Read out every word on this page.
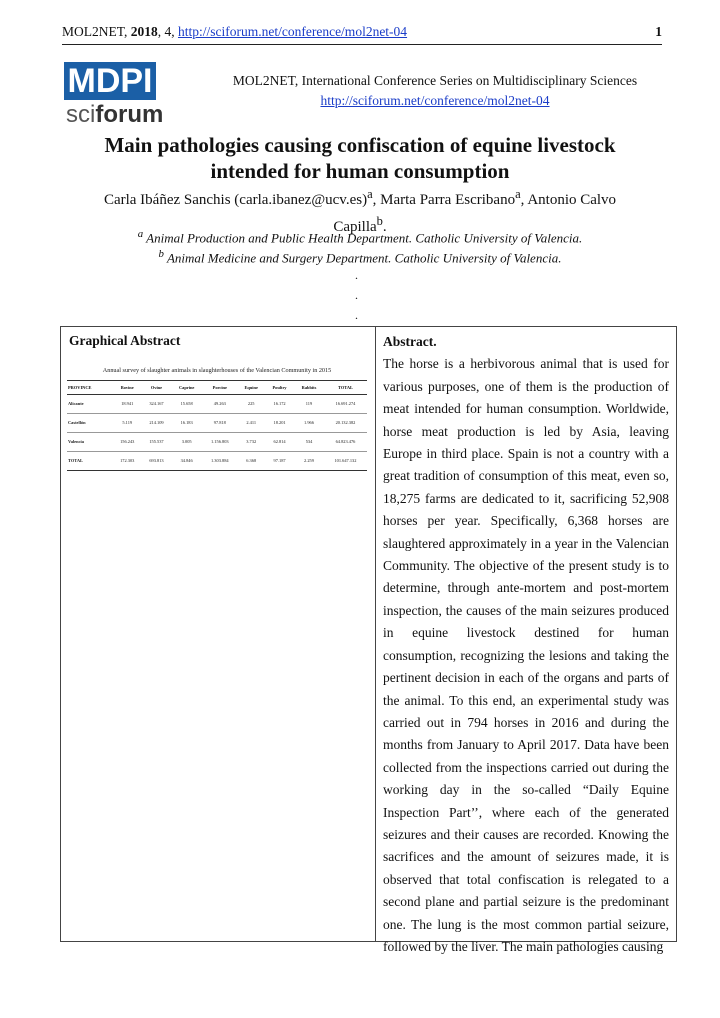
MOL2NET, 2018, 4, http://sciforum.net/conference/mol2net-04	1
MDPI
sciforum
MOL2NET, International Conference Series on Multidisciplinary Sciences
http://sciforum.net/conference/mol2net-04
Main pathologies causing confiscation of equine livestock
intended for human consumption
Carla Ibáñez Sanchis (carla.ibanez@ucv.es)$^a$, Marta Parra Escribano$^a$, Antonio Calvo
Capilla$^b$.
$^a$ Animal Production and Public Health Department. Catholic University of Valencia.
$^b$ Animal Medicine and Surgery Department. Catholic University of Valencia.
.
.
.
Graphical Abstract
Annual survey of slaughter animals in slaughterhouses of the Valencian Community in 2015
PROVINCE	Bovine	Ovine	Caprine	Porcine	Equine	Poultry	Rabbits	TOTAL
Alicante	18.941	324.167	15.658	49.263	225	16.172	119	16.691.274
Castellón	5.119	214.109	16.183	97.818	2.411	18.201	1.966	20.132.382
Valencia	156.243	155.537	3.005	1.156.803	3.732	62.814	534	64.823.476
TOTAL	172.303	693.813	34.846	1.303.884	6.368	97.187	2.259	101.647.132
Abstract.
The horse is a herbivorous animal that is used for various purposes, one of them is the production of meat intended for human consumption. Worldwide, horse meat production is led by Asia, leaving Europe in third place. Spain is not a country with a great tradition of consumption of this meat, even so, 18,275 farms are dedicated to it, sacrificing 52,908 horses per year. Specifically, 6,368 horses are slaughtered approximately in a year in the Valencian Community. The objective of the present study is to determine, through ante-mortem and post-mortem inspection, the causes of the main seizures produced in equine livestock destined for human consumption, recognizing the lesions and taking the pertinent decision in each of the organs and parts of the animal. To this end, an experimental study was carried out in 794 horses in 2016 and during the months from January to April 2017. Data have been collected from the inspections carried out during the working day in the so-called “Daily Equine Inspection Part’’, where each of the generated seizures and their causes are recorded. Knowing the sacrifices and the amount of seizures made, it is observed that total confiscation is relegated to a second plane and partial seizure is the predominant one. The lung is the most common partial seizure, followed by the liver. The main pathologies causing
